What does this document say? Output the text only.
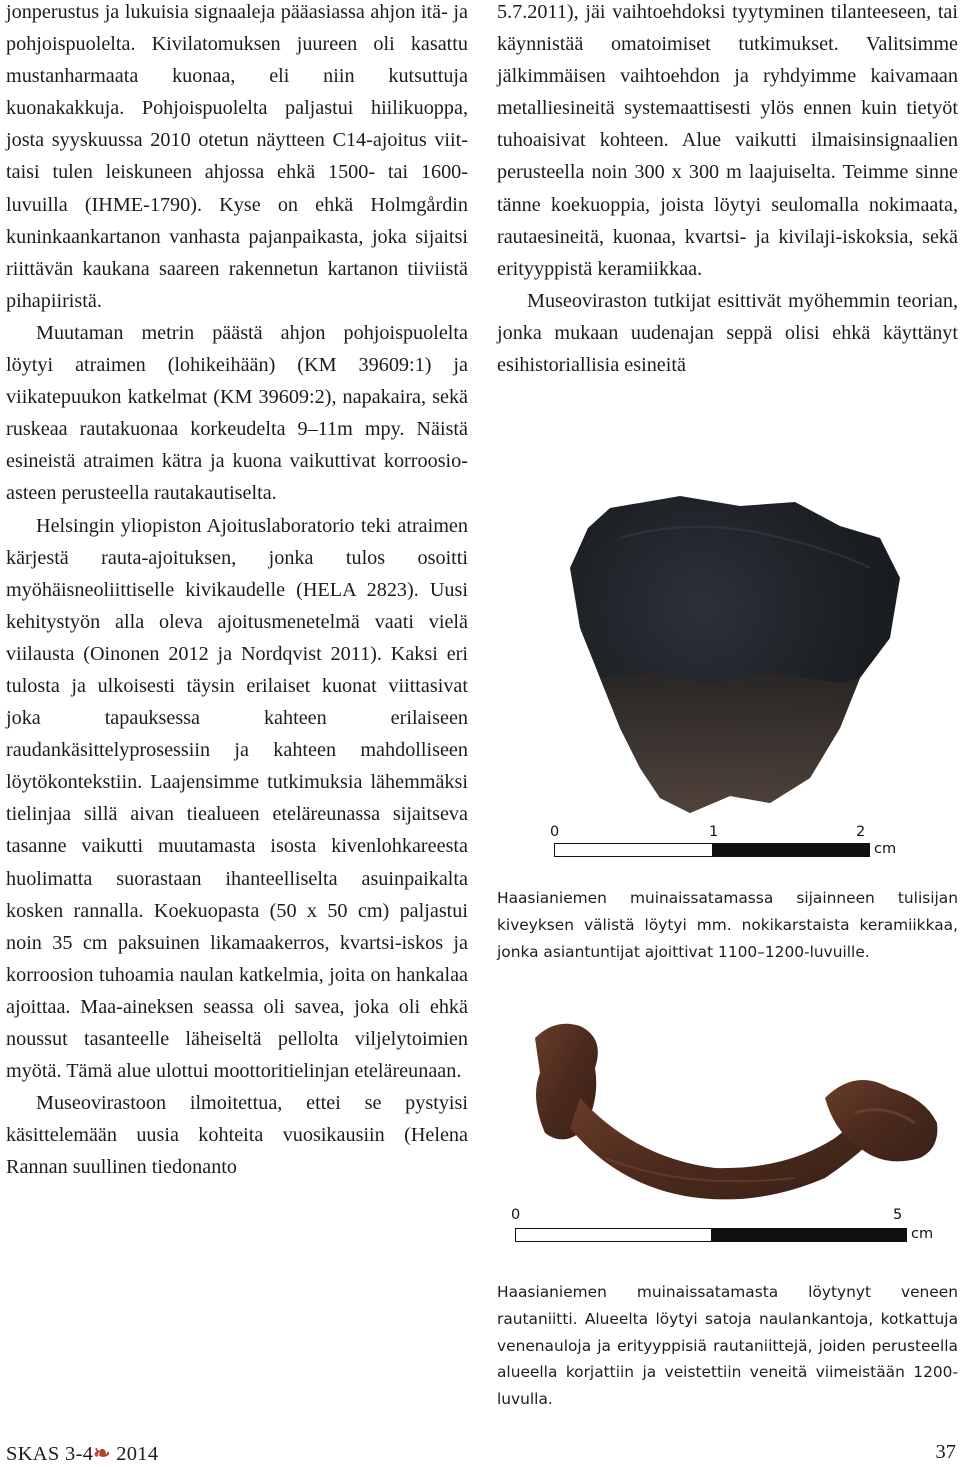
jonperustus ja lukuisia signaaleja pääasiassa ahjon itä- ja pohjoispuolelta. Kivilatomuksen juureen oli kasattu mustanharmaata kuonaa, eli niin kutsuttuja kuonakakkuja. Pohjoispuolelta paljastui hiilikuoppa, josta syyskuussa 2010 otetun näytteen C14-ajoitus viittaisi tulen leiskuneen ahjossa ehkä 1500- tai 1600-luvuilla (IHME-1790). Kyse on ehkä Holmgårdin kuninkaankartanon vanhasta pajanpaikasta, joka sijaitsi riittävän kaukana saareen rakennetun kartanon tiiviistä pihapiiristä.

Muutaman metrin päästä ahjon pohjoispuolelta löytyi atraimen (lohikeihään) (KM 39609:1) ja viikatepuukon katkelmat (KM 39609:2), napakaira, sekä ruskeaa rautakuonaa korkeudelta 9–11m mpy. Näistä esineistä atraimen kätra ja kuona vaikuttivat korroosioasteen perusteella rautakautiselta.

Helsingin yliopiston Ajoituslaboratorio teki atraimen kärjestä rauta-ajoituksen, jonka tulos osoitti myöhäisneoliittiselle kivikaudelle (HELA 2823). Uusi kehitystyön alla oleva ajoitusmenetelmä vaati vielä viilausta (Oinonen 2012 ja Nordqvist 2011). Kaksi eri tulosta ja ulkoisesti täysin erilaiset kuonat viittasivat joka tapauksessa kahteen erilaiseen raudankäsittelyprosessiin ja kahteen mahdolliseen löytökontekstiin. Laajensimme tutkimuksia lähemmäksi tielinjaa sillä aivan tiealueen eteläreunassa sijaitseva tasanne vaikutti muutamasta isosta kivenlohkareesta huolimatta suorastaan ihanteelliselta asuinpaikalta kosken rannalla. Koekuopasta (50 x 50 cm) paljastui noin 35 cm paksuinen likamaakerros, kvartsi-iskos ja korroosion tuhoamia naulan katkelmia, joita on hankalaa ajoittaa. Maa-aineksen seassa oli savea, joka oli ehkä noussut tasanteelle läheiseltä pellolta viljelytoimien myötä. Tämä alue ulottui moottoritielinjan eteläreunaan.

Museovirastoon ilmoitettua, ettei se pystyisi käsittelemään uusia kohteita vuosikausiin (Helena Rannan suullinen tiedonanto

5.7.2011), jäi vaihtoehdoksi tyytyminen tilanteeseen, tai käynnistää omatoimiset tutkimukset. Valitsimme jälkimmäisen vaihtoehdon ja ryhdyimme kaivamaan metalliesineitä systemaattisesti ylös ennen kuin tietyöt tuhoaisivat kohteen. Alue vaikutti ilmaisinsignaalien perusteella noin 300 x 300 m laajuiselta. Teimme sinne tänne koekuoppia, joista löytyi seulomalla nokimaata, rautaesineitä, kuonaa, kvartsi- ja kivilaji-iskoksia, sekä erityyppistä keramiikkaa.

Museoviraston tutkijat esittivät myöhemmin teorian, jonka mukaan uudenajan seppä olisi ehkä käyttänyt esihistoriallisia esineitä

0	1	2
cm
Haasianiemen muinaissatamassa sijainneen tulisijan kiveyksen välistä löytyi mm. nokikarstaista keramiikkaa, jonka asiantuntijat ajoittivat 1100–1200-luvuille.
0	5
cm
Haasianiemen muinaissatamasta löytynyt veneen rautaniitti. Alueelta löytyi satoja naulankantoja, kotkattuja venenauloja ja erityyppisiä rautaniittejä, joiden perusteella alueella korjattiin ja veistettiin veneitä viimeistään 1200-luvulla.
SKAS 3-4❧ 2014	37
